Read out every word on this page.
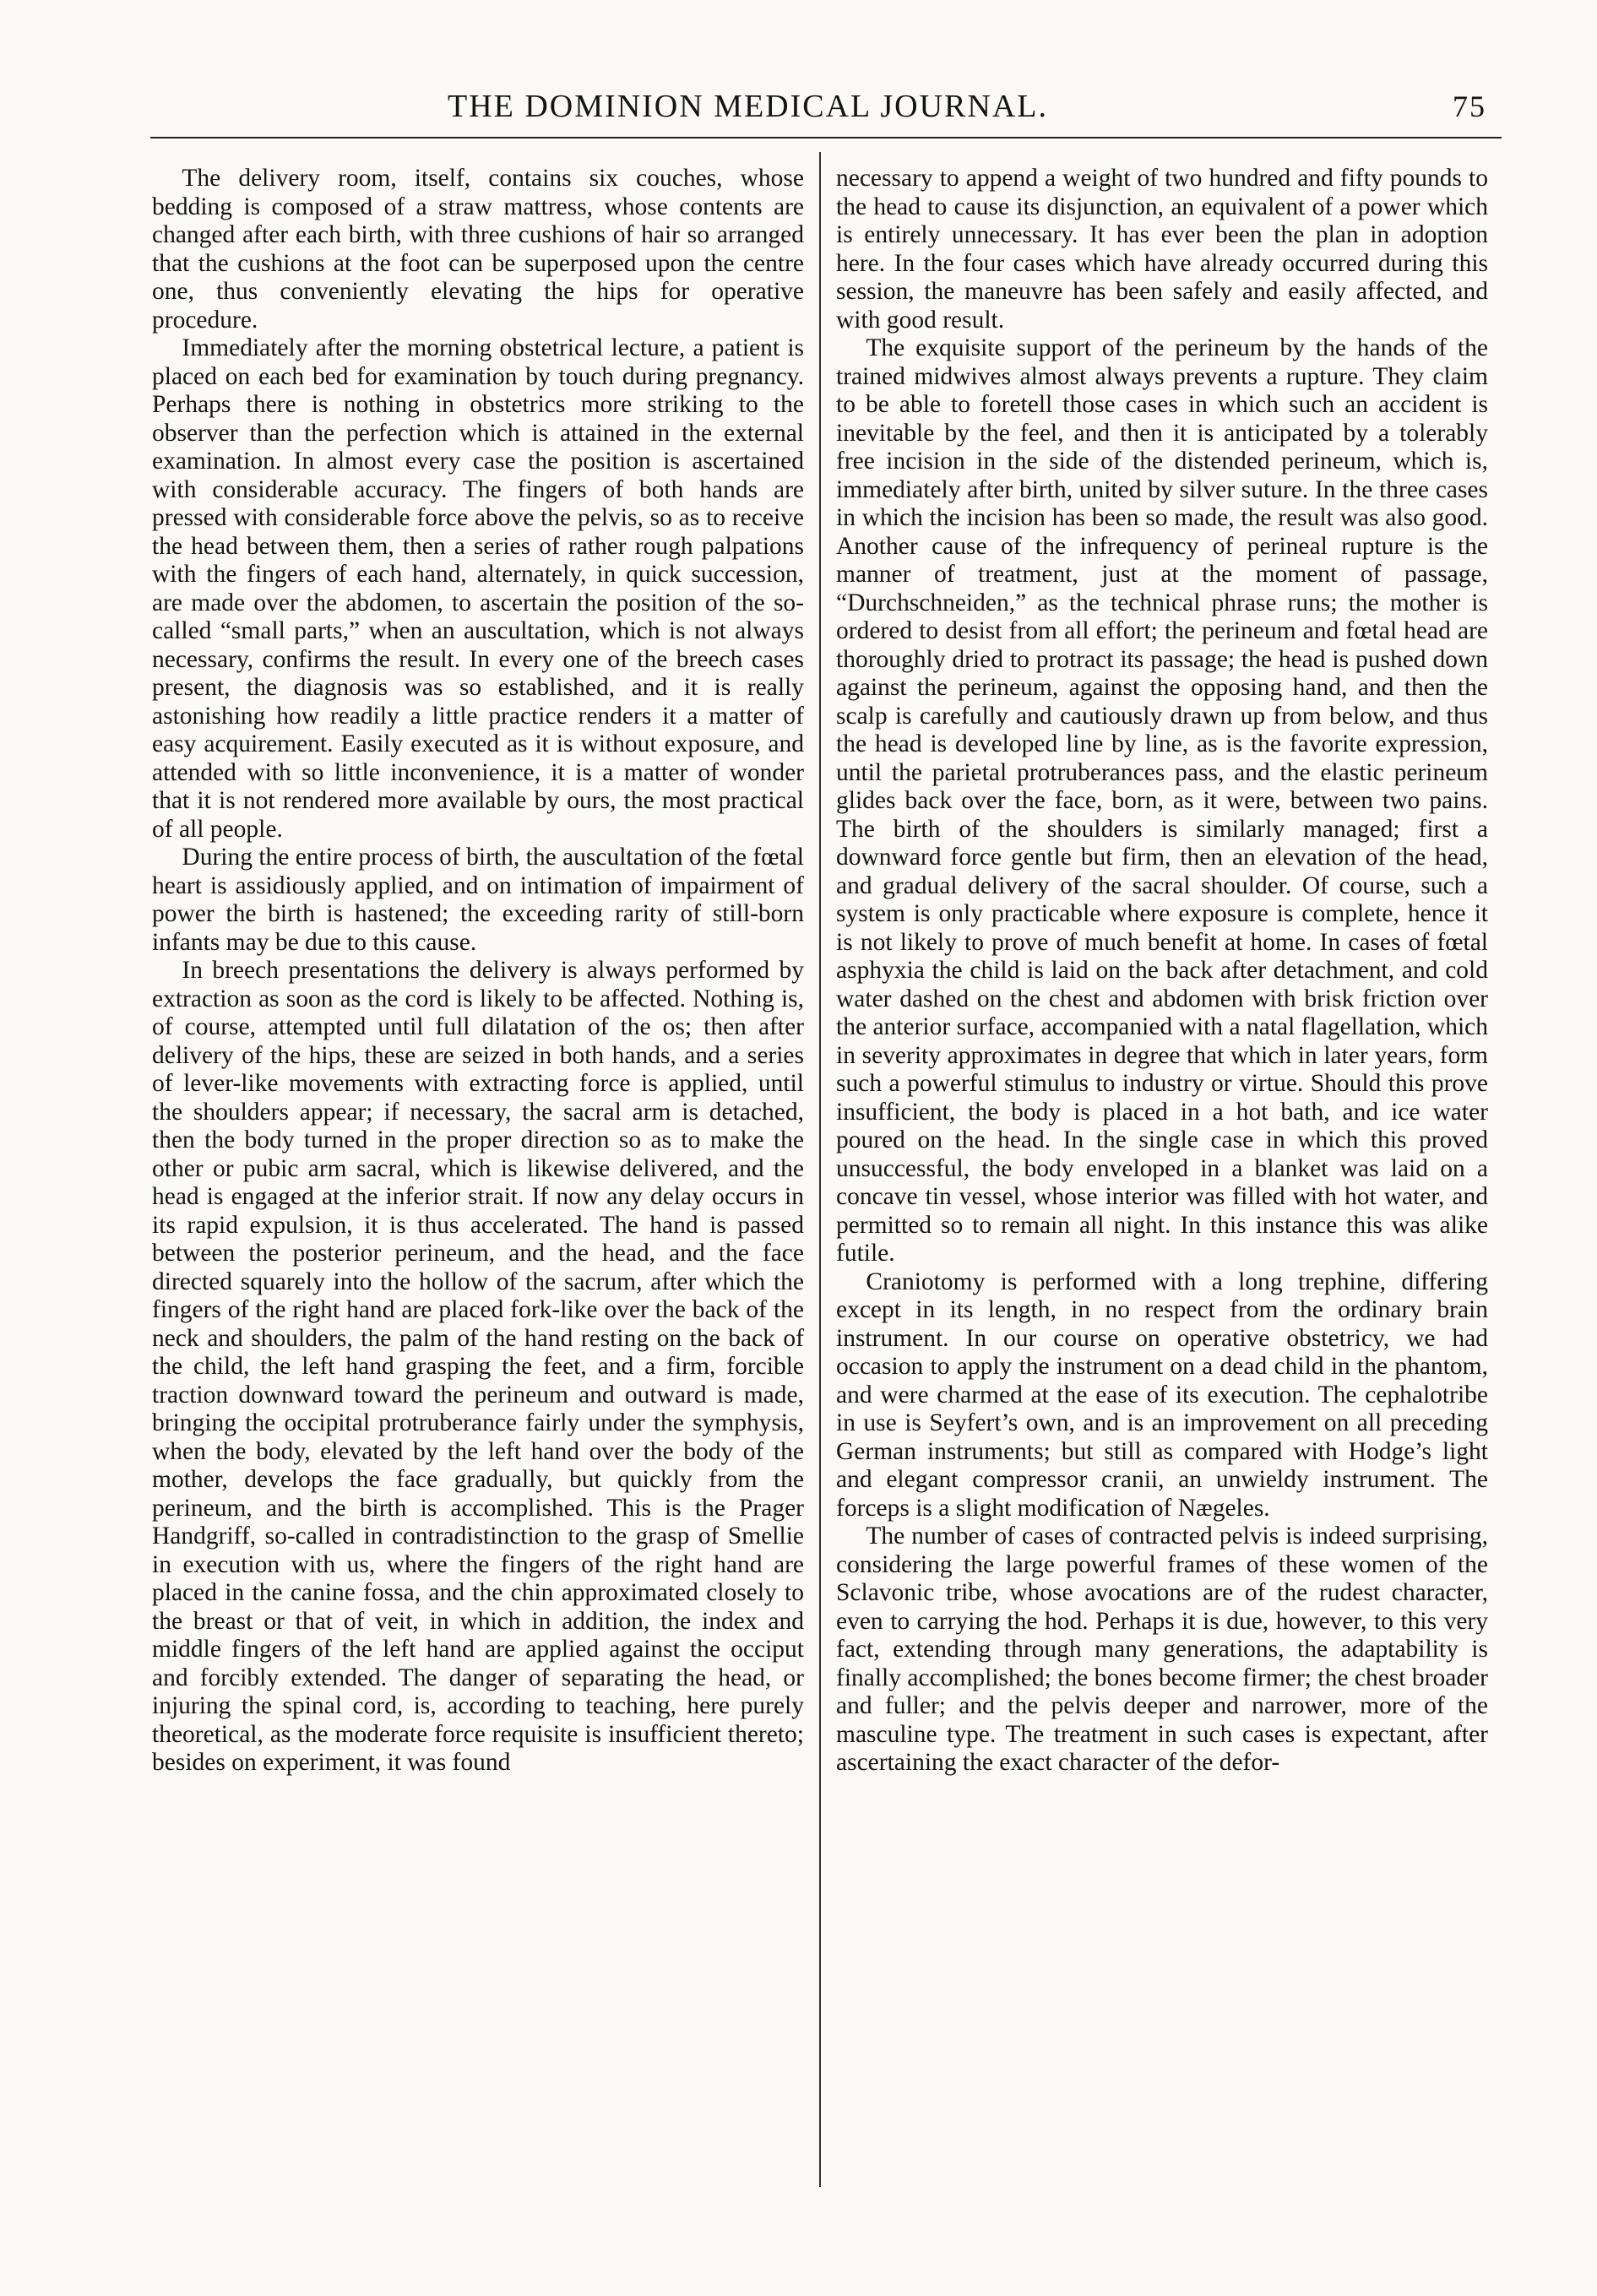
THE DOMINION MEDICAL JOURNAL.	75

The delivery room, itself, contains six couches, whose bedding is composed of a straw mattress, whose contents are changed after each birth, with three cushions of hair so arranged that the cushions at the foot can be superposed upon the centre one, thus conveniently elevating the hips for operative procedure.

Immediately after the morning obstetrical lecture, a patient is placed on each bed for examination by touch during pregnancy. Perhaps there is nothing in obstetrics more striking to the observer than the perfection which is attained in the external examination. In almost every case the position is ascertained with considerable accuracy. The fingers of both hands are pressed with considerable force above the pelvis, so as to receive the head between them, then a series of rather rough palpations with the fingers of each hand, alternately, in quick succession, are made over the abdomen, to ascertain the position of the so-called “small parts,” when an auscultation, which is not always necessary, confirms the result. In every one of the breech cases present, the diagnosis was so established, and it is really astonishing how readily a little practice renders it a matter of easy acquirement. Easily executed as it is without exposure, and attended with so little inconvenience, it is a matter of wonder that it is not rendered more available by ours, the most practical of all people.

During the entire process of birth, the auscultation of the fœtal heart is assidiously applied, and on intimation of impairment of power the birth is hastened; the exceeding rarity of still-born infants may be due to this cause.

In breech presentations the delivery is always performed by extraction as soon as the cord is likely to be affected. Nothing is, of course, attempted until full dilatation of the os; then after delivery of the hips, these are seized in both hands, and a series of lever-like movements with extracting force is applied, until the shoulders appear; if necessary, the sacral arm is detached, then the body turned in the proper direction so as to make the other or pubic arm sacral, which is likewise delivered, and the head is engaged at the inferior strait. If now any delay occurs in its rapid expulsion, it is thus accelerated. The hand is passed between the posterior perineum, and the head, and the face directed squarely into the hollow of the sacrum, after which the fingers of the right hand are placed fork-like over the back of the neck and shoulders, the palm of the hand resting on the back of the child, the left hand grasping the feet, and a firm, forcible traction downward toward the perineum and outward is made, bringing the occipital protruberance fairly under the symphysis, when the body, elevated by the left hand over the body of the mother, develops the face gradually, but quickly from the perineum, and the birth is accomplished. This is the Prager Handgriff, so-called in contradistinction to the grasp of Smellie in execution with us, where the fingers of the right hand are placed in the canine fossa, and the chin approximated closely to the breast or that of veit, in which in addition, the index and middle fingers of the left hand are applied against the occiput and forcibly extended. The danger of separating the head, or injuring the spinal cord, is, according to teaching, here purely theoretical, as the moderate force requisite is insufficient thereto; besides on experiment, it was found

necessary to append a weight of two hundred and fifty pounds to the head to cause its disjunction, an equivalent of a power which is entirely unnecessary. It has ever been the plan in adoption here. In the four cases which have already occurred during this session, the maneuvre has been safely and easily affected, and with good result.

The exquisite support of the perineum by the hands of the trained midwives almost always prevents a rupture. They claim to be able to foretell those cases in which such an accident is inevitable by the feel, and then it is anticipated by a tolerably free incision in the side of the distended perineum, which is, immediately after birth, united by silver suture. In the three cases in which the incision has been so made, the result was also good. Another cause of the infrequency of perineal rupture is the manner of treatment, just at the moment of passage, “Durchschneiden,” as the technical phrase runs; the mother is ordered to desist from all effort; the perineum and fœtal head are thoroughly dried to protract its passage; the head is pushed down against the perineum, against the opposing hand, and then the scalp is carefully and cautiously drawn up from below, and thus the head is developed line by line, as is the favorite expression, until the parietal protruberances pass, and the elastic perineum glides back over the face, born, as it were, between two pains. The birth of the shoulders is similarly managed; first a downward force gentle but firm, then an elevation of the head, and gradual delivery of the sacral shoulder. Of course, such a system is only practicable where exposure is complete, hence it is not likely to prove of much benefit at home. In cases of fœtal asphyxia the child is laid on the back after detachment, and cold water dashed on the chest and abdomen with brisk friction over the anterior surface, accompanied with a natal flagellation, which in severity approximates in degree that which in later years, form such a powerful stimulus to industry or virtue. Should this prove insufficient, the body is placed in a hot bath, and ice water poured on the head. In the single case in which this proved unsuccessful, the body enveloped in a blanket was laid on a concave tin vessel, whose interior was filled with hot water, and permitted so to remain all night. In this instance this was alike futile.

Craniotomy is performed with a long trephine, differing except in its length, in no respect from the ordinary brain instrument. In our course on operative obstetricy, we had occasion to apply the instrument on a dead child in the phantom, and were charmed at the ease of its execution. The cephalotribe in use is Seyfert’s own, and is an improvement on all preceding German instruments; but still as compared with Hodge’s light and elegant compressor cranii, an unwieldy instrument. The forceps is a slight modification of Nægeles.

The number of cases of contracted pelvis is indeed surprising, considering the large powerful frames of these women of the Sclavonic tribe, whose avocations are of the rudest character, even to carrying the hod. Perhaps it is due, however, to this very fact, extending through many generations, the adaptability is finally accomplished; the bones become firmer; the chest broader and fuller; and the pelvis deeper and narrower, more of the masculine type. The treatment in such cases is expectant, after ascertaining the exact character of the defor-
